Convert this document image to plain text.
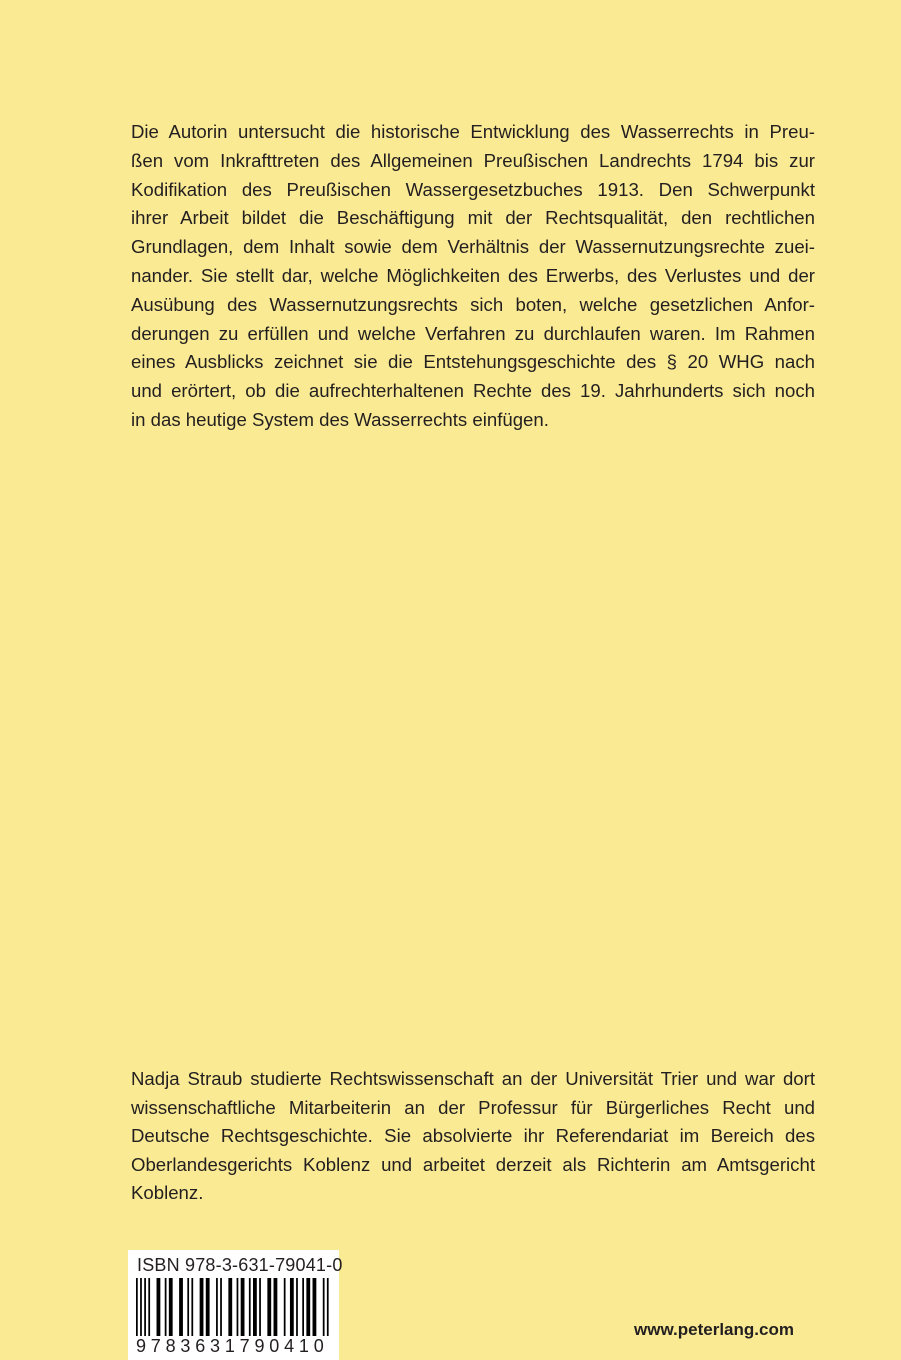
Die Autorin untersucht die historische Entwicklung des Wasserrechts in Preu-
ßen vom Inkrafttreten des Allgemeinen Preußischen Landrechts 1794 bis zur
Kodifikation des Preußischen Wassergesetzbuches 1913. Den Schwerpunkt
ihrer Arbeit bildet die Beschäftigung mit der Rechtsqualität, den rechtlichen
Grundlagen, dem Inhalt sowie dem Verhältnis der Wassernutzungsrechte zuei-
nander. Sie stellt dar, welche Möglichkeiten des Erwerbs, des Verlustes und der
Ausübung des Wassernutzungsrechts sich boten, welche gesetzlichen Anfor-
derungen zu erfüllen und welche Verfahren zu durchlaufen waren. Im Rahmen
eines Ausblicks zeichnet sie die Entstehungsgeschichte des § 20 WHG nach
und erörtert, ob die aufrechterhaltenen Rechte des 19. Jahrhunderts sich noch
in das heutige System des Wasserrechts einfügen.
Nadja Straub studierte Rechtswissenschaft an der Universität Trier und war dort
wissenschaftliche Mitarbeiterin an der Professur für Bürgerliches Recht und
Deutsche Rechtsgeschichte. Sie absolvierte ihr Referendariat im Bereich des
Oberlandesgerichts Koblenz und arbeitet derzeit als Richterin am Amtsgericht
Koblenz.
ISBN 978-3-631-79041-0
9783631790410
www.peterlang.com
